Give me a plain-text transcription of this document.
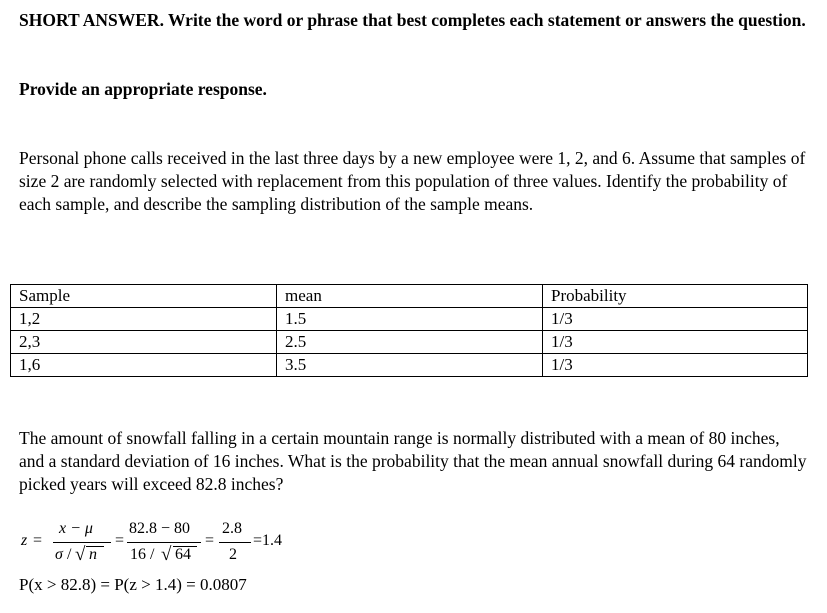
SHORT ANSWER. Write the word or phrase that best completes each statement or answers the question.
Provide an appropriate response.
Personal phone calls received in the last three days by a new employee were 1, 2, and 6. Assume that samples of size 2 are randomly selected with replacement from this population of three values. Identify the probability of each sample, and describe the sampling distribution of the sample means.
Sample	mean	Probability
1,2	1.5	1/3
2,3	2.5	1/3
1,6	3.5	1/3
The amount of snowfall falling in a certain mountain range is normally distributed with a mean of 80 inches, and a standard deviation of 16 inches. What is the probability that the mean annual snowfall during 64 randomly picked years will exceed 82.8 inches?
z =
x − μ
σ / √ n
=
82.8 − 80
16 / √ 64
=
2.8
2
=1.4
P(x > 82.8) = P(z > 1.4) = 0.0807
